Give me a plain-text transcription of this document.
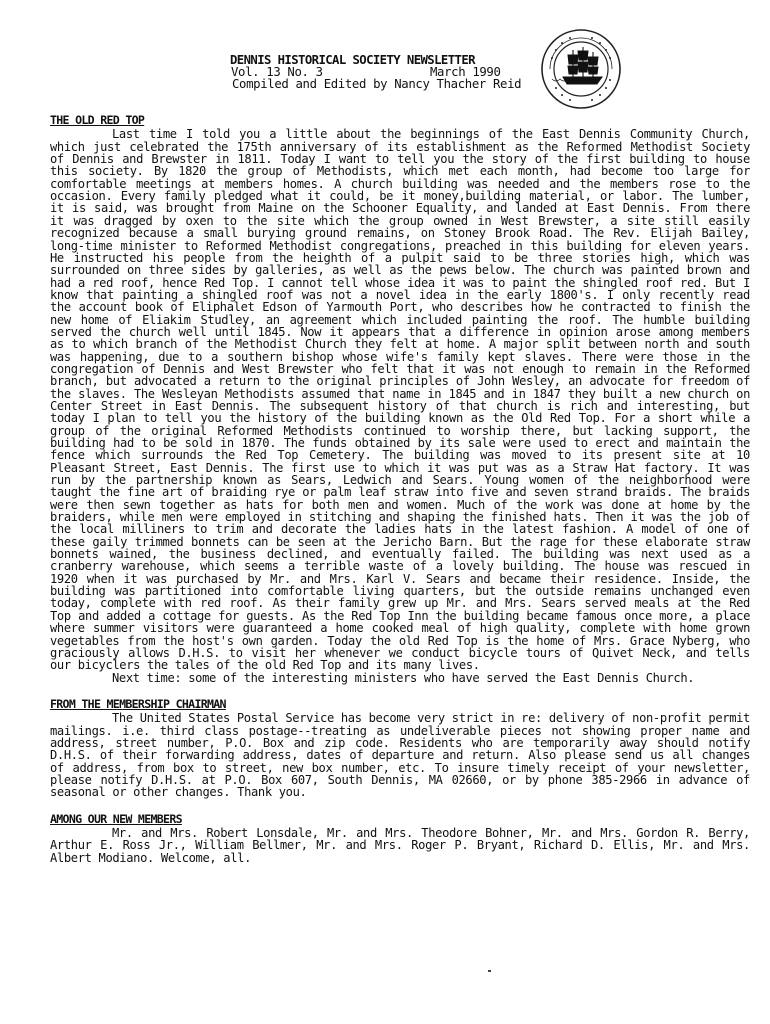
DENNIS HISTORICAL SOCIETY NEWSLETTER
Vol. 13 No. 3	March 1990
Compiled and Edited by Nancy Thacher Reid
THE OLD RED TOP

Last time I told you a little about the beginnings of the East Dennis Community Church, which just celebrated the 175th anniversary of its establishment as the Reformed Methodist Society of Dennis and Brewster in 1811. Today I want to tell you the story of the first building to house this society. By 1820 the group of Methodists, which met each month, had become too large for comfortable meetings at members homes. A church building was needed and the members rose to the occasion. Every family pledged what it could, be it money,building material, or labor. The lumber, it is said, was brought from Maine on the Schooner Equality, and landed at East Dennis. From there it was dragged by oxen to the site which the group owned in West Brewster, a site still easily recognized because a small burying ground remains, on Stoney Brook Road. The Rev. Elijah Bailey, long-time minister to Reformed Methodist congregations, preached in this building for eleven years. He instructed his people from the heighth of a pulpit said to be three stories high, which was surrounded on three sides by galleries, as well as the pews below. The church was painted brown and had a red roof, hence Red Top. I cannot tell whose idea it was to paint the shingled roof red. But I know that painting a shingled roof was not a novel idea in the early 1800's. I only recently read the account book of Eliphalet Edson of Yarmouth Port, who describes how he contracted to finish the new home of Eliakim Studley, an agreement which included painting the roof. The humble building served the church well until 1845. Now it appears that a difference in opinion arose among members as to which branch of the Methodist Church they felt at home. A major split between north and south was happening, due to a southern bishop whose wife's family kept slaves. There were those in the congregation of Dennis and West Brewster who felt that it was not enough to remain in the Reformed branch, but advocated a return to the original principles of John Wesley, an advocate for freedom of the slaves. The Wesleyan Methodists assumed that name in 1845 and in 1847 they built a new church on Center Street in East Dennis. The subsequent history of that church is rich and interesting, but today I plan to tell you the history of the building known as the Old Red Top. For a short while a group of the original Reformed Methodists continued to worship there, but lacking support, the building had to be sold in 1870. The funds obtained by its sale were used to erect and maintain the fence which surrounds the Red Top Cemetery. The building was moved to its present site at 10 Pleasant Street, East Dennis. The first use to which it was put was as a Straw Hat factory. It was run by the partnership known as Sears, Ledwich and Sears. Young women of the neighborhood were taught the fine art of braiding rye or palm leaf straw into five and seven strand braids. The braids were then sewn together as hats for both men and women. Much of the work was done at home by the braiders, while men were employed in stitching and shaping the finished hats. Then it was the job of the local milliners to trim and decorate the ladies hats in the latest fashion. A model of one of these gaily trimmed bonnets can be seen at the Jericho Barn. But the rage for these elaborate straw bonnets wained, the business declined, and eventually failed. The building was next used as a cranberry warehouse, which seems a terrible waste of a lovely building. The house was rescued in 1920 when it was purchased by Mr. and Mrs. Karl V. Sears and became their residence. Inside, the building was partitioned into comfortable living quarters, but the outside remains unchanged even today, complete with red roof. As their family grew up Mr. and Mrs. Sears served meals at the Red Top and added a cottage for guests. As the Red Top Inn the building became famous once more, a place where summer visitors were guaranteed a home cooked meal of high quality, complete with home grown vegetables from the host's own garden. Today the old Red Top is the home of Mrs. Grace Nyberg, who graciously allows D.H.S. to visit her whenever we conduct bicycle tours of Quivet Neck, and tells our bicyclers the tales of the old Red Top and its many lives.

Next time: some of the interesting ministers who have served the East Dennis Church.

FROM THE MEMBERSHIP CHAIRMAN

The United States Postal Service has become very strict in re: delivery of non-profit permit mailings. i.e. third class postage--treating as undeliverable pieces not showing proper name and address, street number, P.O. Box and zip code. Residents who are temporarily away should notify D.H.S. of their forwarding address, dates of departure and return. Also please send us all changes of address, from box to street, new box number, etc. To insure timely receipt of your newsletter, please notify D.H.S. at P.O. Box 607, South Dennis, MA 02660, or by phone 385-2966 in advance of seasonal or other changes. Thank you.

AMONG OUR NEW MEMBERS

Mr. and Mrs. Robert Lonsdale, Mr. and Mrs. Theodore Bohner, Mr. and Mrs. Gordon R. Berry, Arthur E. Ross Jr., William Bellmer, Mr. and Mrs. Roger P. Bryant, Richard D. Ellis, Mr. and Mrs. Albert Modiano. Welcome, all.
